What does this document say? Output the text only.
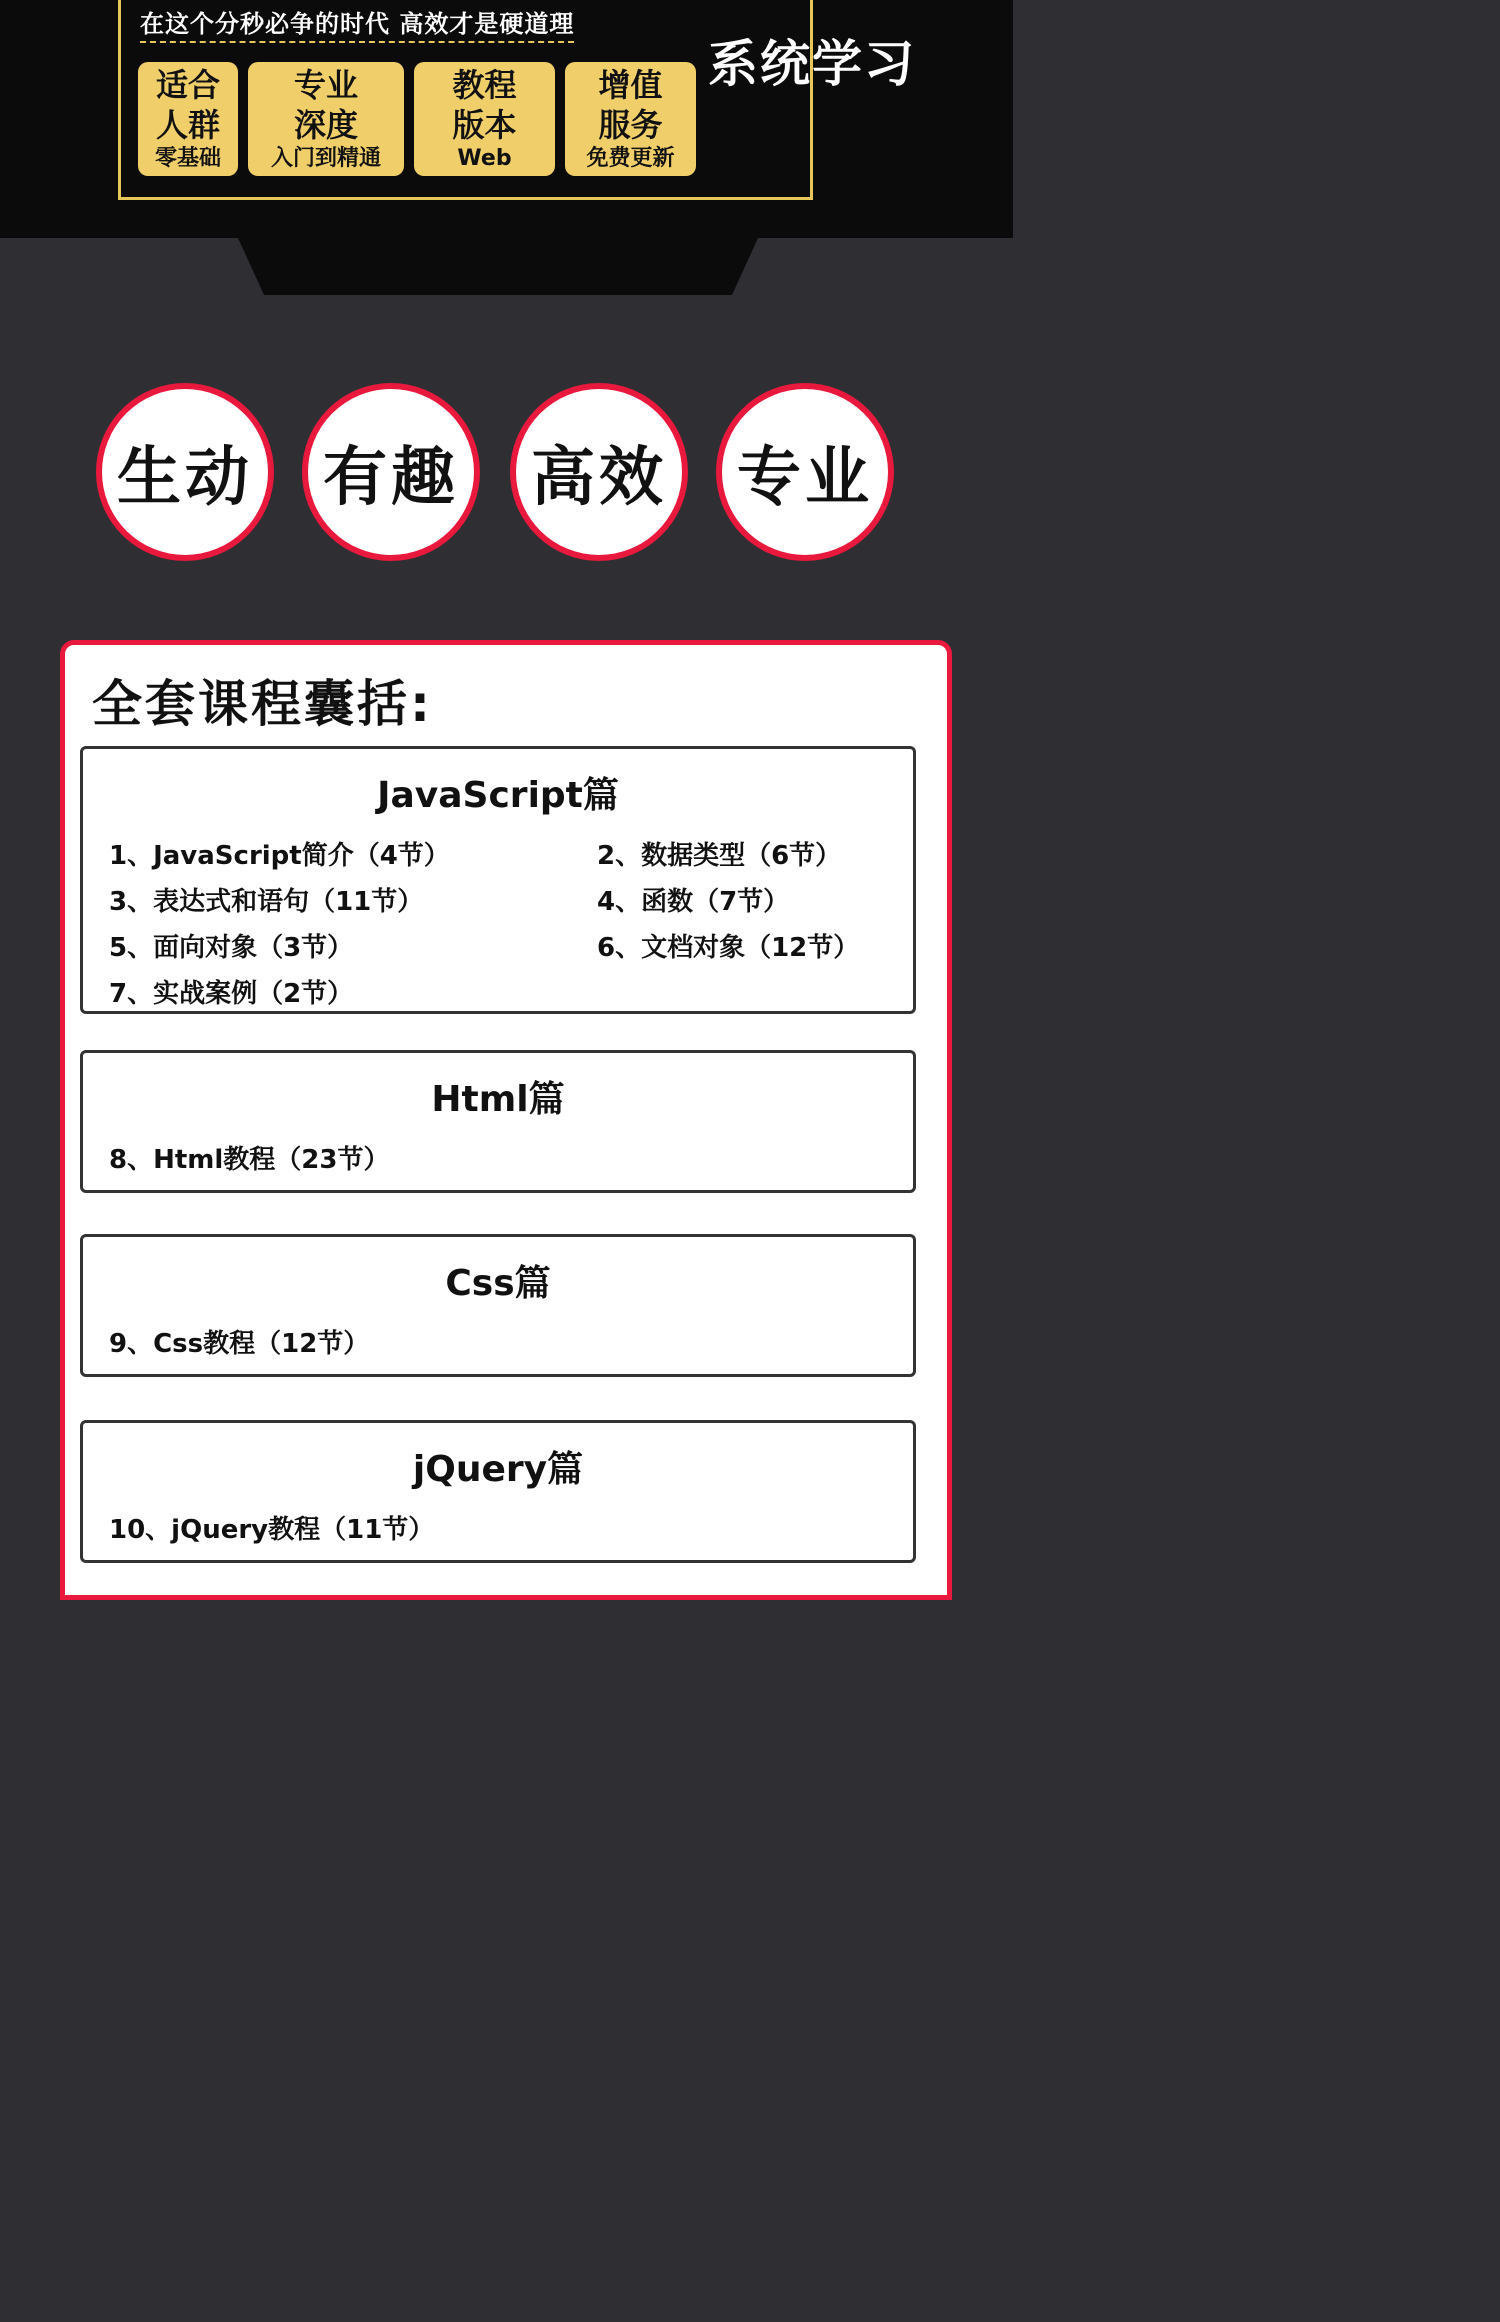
在这个分秒必争的时代 高效才是硬道理
系统学习
适合
人群
零基础
专业
深度
入门到精通
教程
版本
Web
增值
服务
免费更新
生动	有趣	高效	专业
全套课程囊括:
JavaScript篇
1、JavaScript简介（4节）	2、数据类型（6节）
3、表达式和语句（11节）	4、函数（7节）
5、面向对象（3节）	6、文档对象（12节）
7、实战案例（2节）
Html篇
8、Html教程（23节）
Css篇
9、Css教程（12节）
jQuery篇
10、jQuery教程（11节）
